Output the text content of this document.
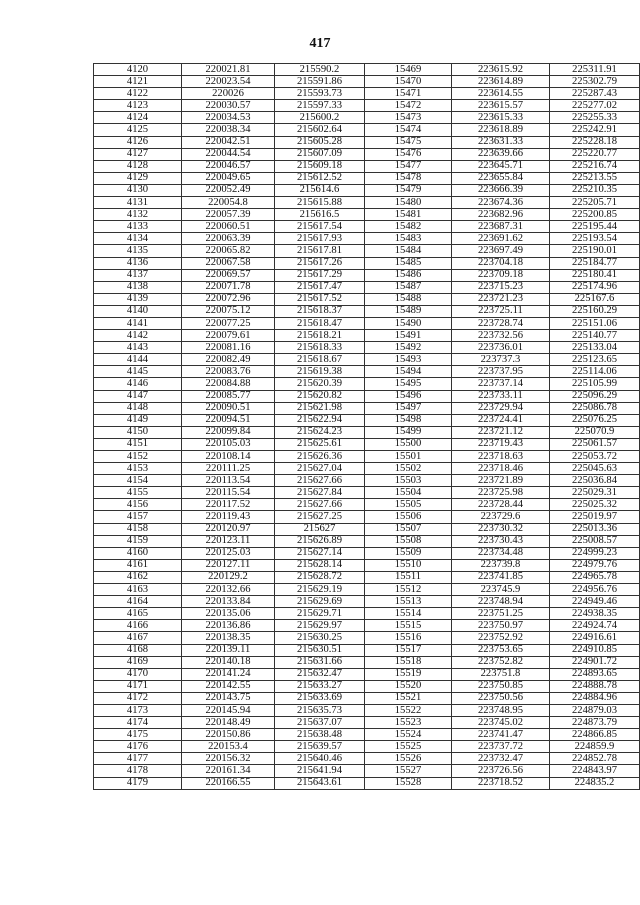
417
4120	220021.81	215590.2	15469	223615.92	225311.91
4121	220023.54	215591.86	15470	223614.89	225302.79
4122	220026	215593.73	15471	223614.55	225287.43
4123	220030.57	215597.33	15472	223615.57	225277.02
4124	220034.53	215600.2	15473	223615.33	225255.33
4125	220038.34	215602.64	15474	223618.89	225242.91
4126	220042.51	215605.28	15475	223631.33	225228.18
4127	220044.54	215607.09	15476	223639.66	225220.77
4128	220046.57	215609.18	15477	223645.71	225216.74
4129	220049.65	215612.52	15478	223655.84	225213.55
4130	220052.49	215614.6	15479	223666.39	225210.35
4131	220054.8	215615.88	15480	223674.36	225205.71
4132	220057.39	215616.5	15481	223682.96	225200.85
4133	220060.51	215617.54	15482	223687.31	225195.44
4134	220063.39	215617.93	15483	223691.62	225193.54
4135	220065.82	215617.81	15484	223697.49	225190.01
4136	220067.58	215617.26	15485	223704.18	225184.77
4137	220069.57	215617.29	15486	223709.18	225180.41
4138	220071.78	215617.47	15487	223715.23	225174.96
4139	220072.96	215617.52	15488	223721.23	225167.6
4140	220075.12	215618.37	15489	223725.11	225160.29
4141	220077.25	215618.47	15490	223728.74	225151.06
4142	220079.61	215618.21	15491	223732.56	225140.77
4143	220081.16	215618.33	15492	223736.01	225133.04
4144	220082.49	215618.67	15493	223737.3	225123.65
4145	220083.76	215619.38	15494	223737.95	225114.06
4146	220084.88	215620.39	15495	223737.14	225105.99
4147	220085.77	215620.82	15496	223733.11	225096.29
4148	220090.51	215621.98	15497	223729.94	225086.78
4149	220094.51	215622.94	15498	223724.41	225076.25
4150	220099.84	215624.23	15499	223721.12	225070.9
4151	220105.03	215625.61	15500	223719.43	225061.57
4152	220108.14	215626.36	15501	223718.63	225053.72
4153	220111.25	215627.04	15502	223718.46	225045.63
4154	220113.54	215627.66	15503	223721.89	225036.84
4155	220115.54	215627.84	15504	223725.98	225029.31
4156	220117.52	215627.66	15505	223728.44	225025.32
4157	220119.43	215627.25	15506	223729.6	225019.97
4158	220120.97	215627	15507	223730.32	225013.36
4159	220123.11	215626.89	15508	223730.43	225008.57
4160	220125.03	215627.14	15509	223734.48	224999.23
4161	220127.11	215628.14	15510	223739.8	224979.76
4162	220129.2	215628.72	15511	223741.85	224965.78
4163	220132.66	215629.19	15512	223745.9	224956.76
4164	220133.84	215629.69	15513	223748.94	224949.46
4165	220135.06	215629.71	15514	223751.25	224938.35
4166	220136.86	215629.97	15515	223750.97	224924.74
4167	220138.35	215630.25	15516	223752.92	224916.61
4168	220139.11	215630.51	15517	223753.65	224910.85
4169	220140.18	215631.66	15518	223752.82	224901.72
4170	220141.24	215632.47	15519	223751.8	224893.65
4171	220142.55	215633.27	15520	223750.85	224888.78
4172	220143.75	215633.69	15521	223750.56	224884.96
4173	220145.94	215635.73	15522	223748.95	224879.03
4174	220148.49	215637.07	15523	223745.02	224873.79
4175	220150.86	215638.48	15524	223741.47	224866.85
4176	220153.4	215639.57	15525	223737.72	224859.9
4177	220156.32	215640.46	15526	223732.47	224852.78
4178	220161.34	215641.94	15527	223726.56	224843.97
4179	220166.55	215643.61	15528	223718.52	224835.2
